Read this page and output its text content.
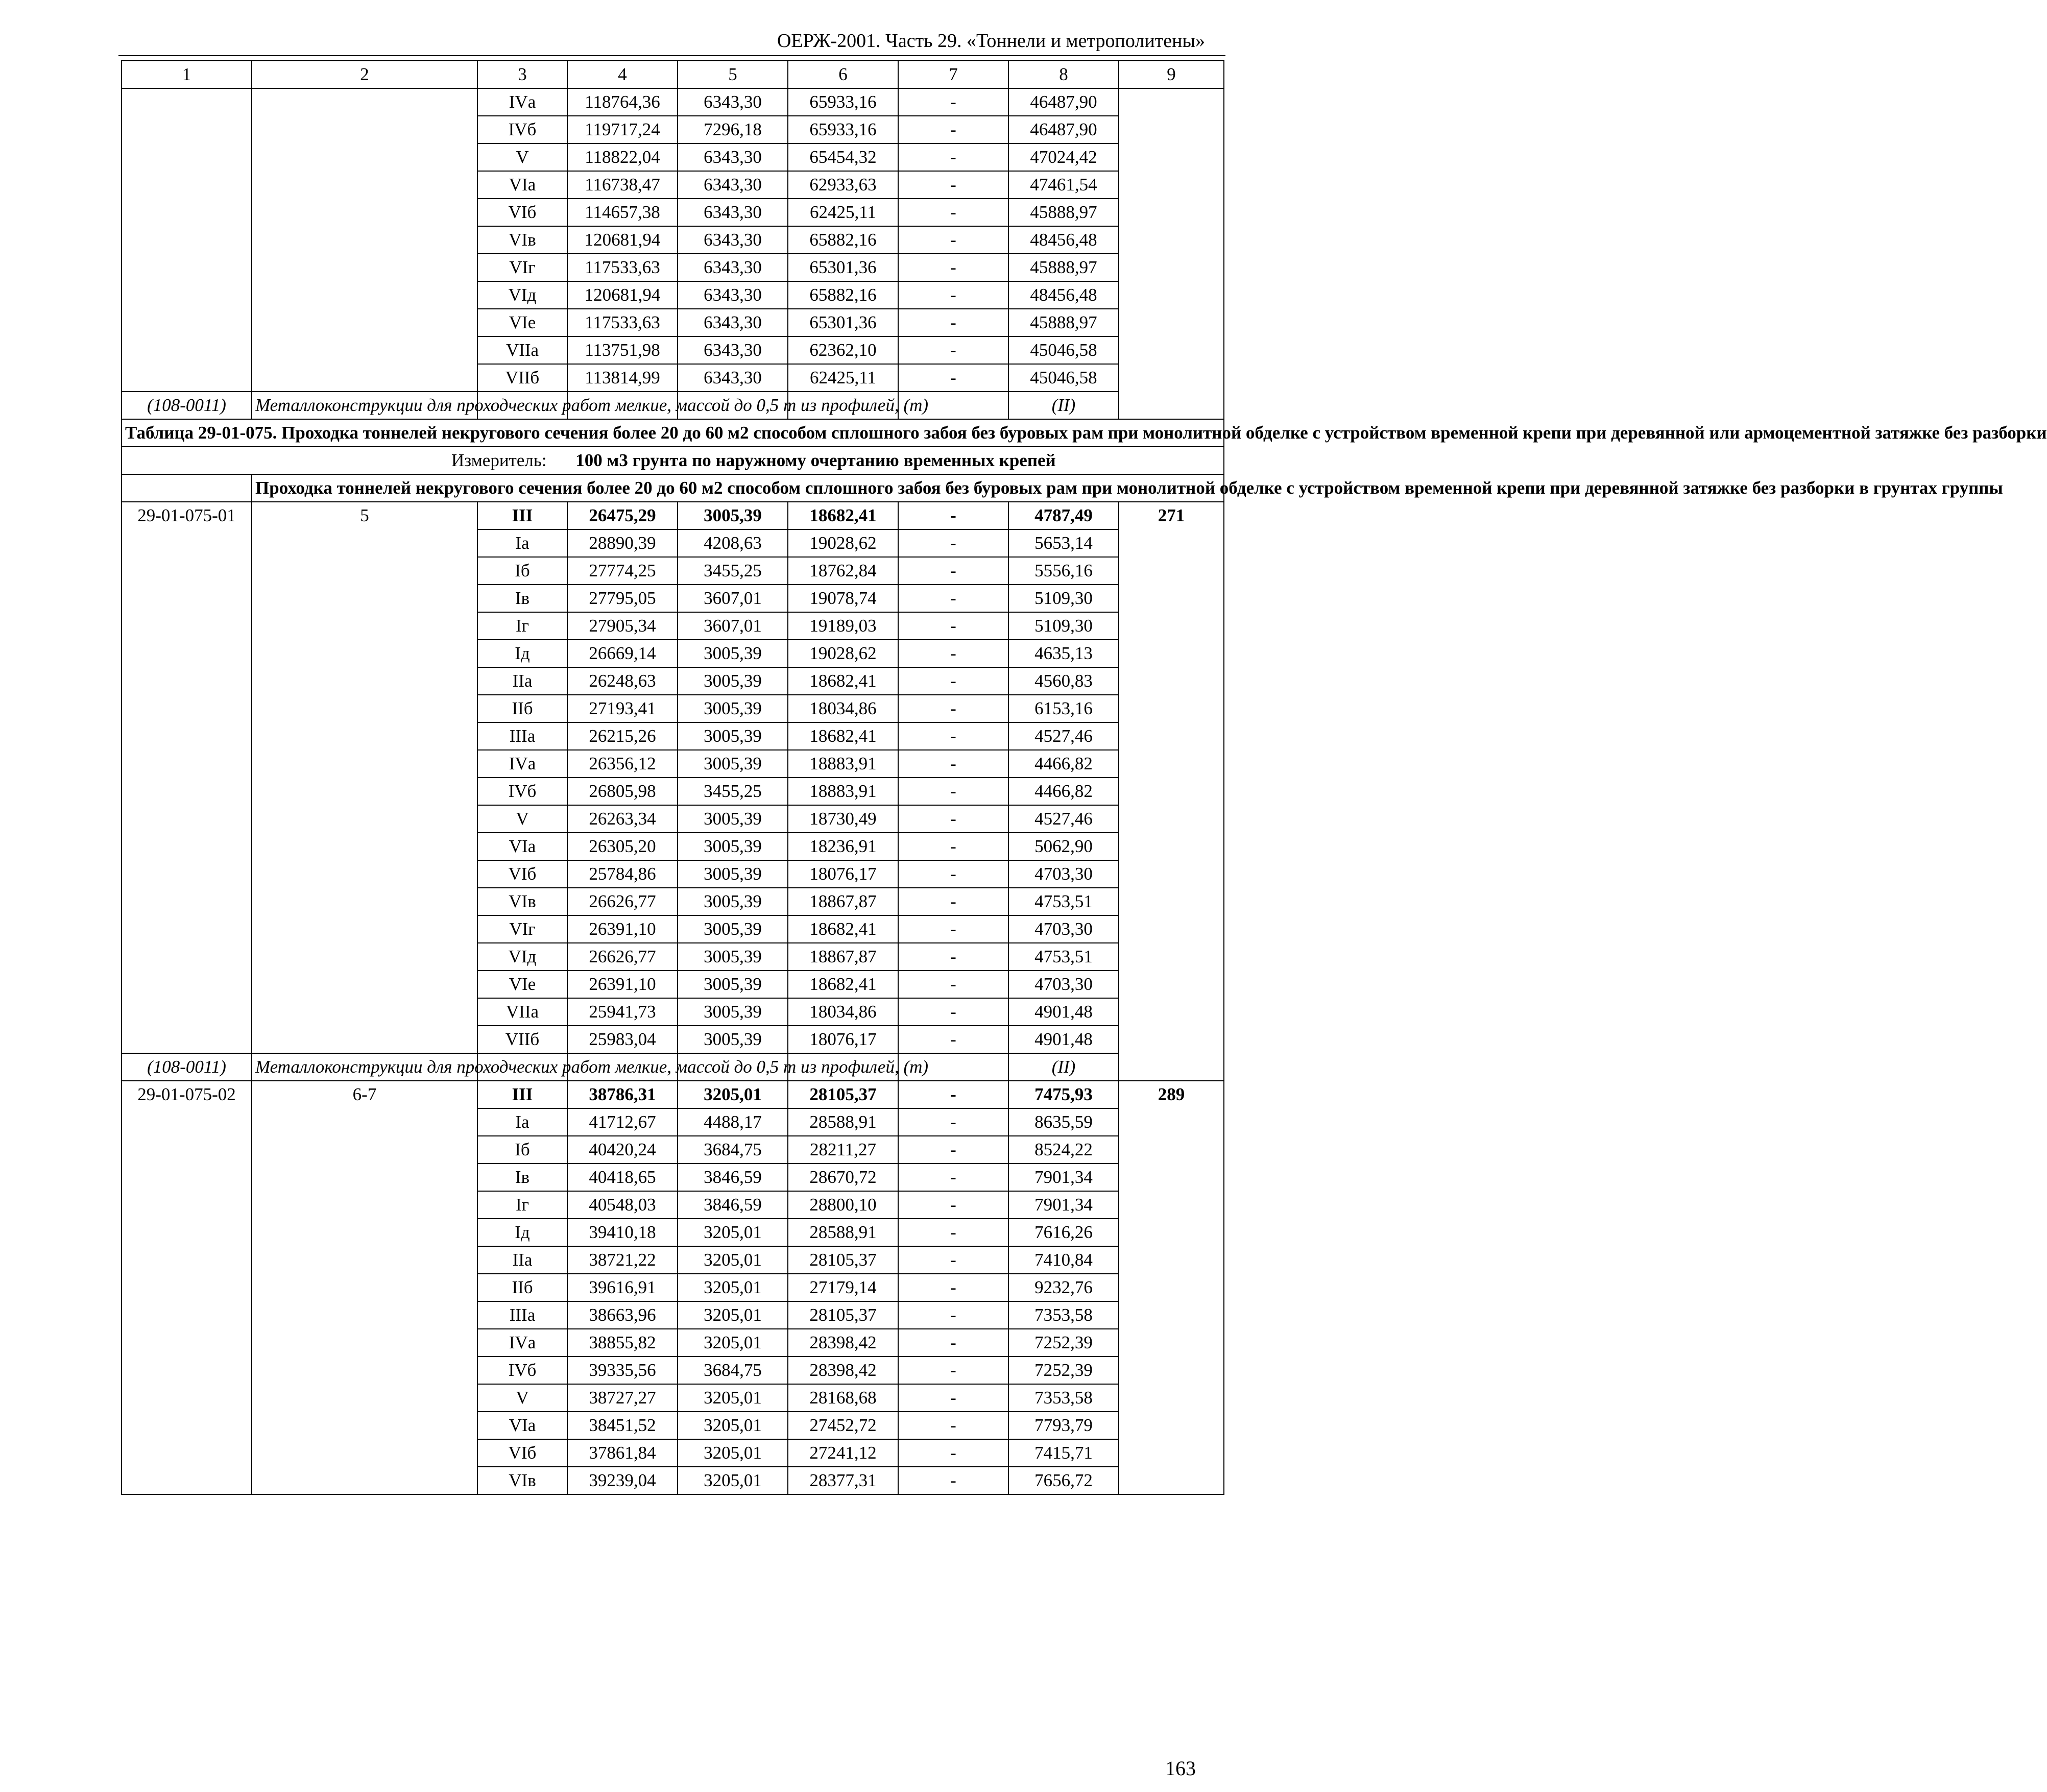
ОЕРЖ-2001. Часть 29. «Тоннели и метрополитены»
1	2	3	4	5	6	7	8	9
		IVа	118764,36	6343,30	65933,16	-	46487,90	
		IVб	119717,24	7296,18	65933,16	-	46487,90	
		V	118822,04	6343,30	65454,32	-	47024,42	
		VIа	116738,47	6343,30	62933,63	-	47461,54	
		VIб	114657,38	6343,30	62425,11	-	45888,97	
		VIв	120681,94	6343,30	65882,16	-	48456,48	
		VIг	117533,63	6343,30	65301,36	-	45888,97	
		VIд	120681,94	6343,30	65882,16	-	48456,48	
		VIе	117533,63	6343,30	65301,36	-	45888,97	
		VIIа	113751,98	6343,30	62362,10	-	45046,58	
		VIIб	113814,99	6343,30	62425,11	-	45046,58	
(108-0011)	Металлоконструкции для проходческих работ мелкие, массой до 0,5 т из профилей, (т)						(II)	
Таблица 29-01-075. Проходка тоннелей некругового сечения более 20 до 60 м2 способом сплошного забоя без буровых рам при монолитной обделке с устройством временной крепи при деревянной или армоцементной затяжке без разборки								
Измеритель: 100 м3 грунта по наружному очертанию временных крепей								
	Проходка тоннелей некругового сечения более 20 до 60 м2 способом сплошного забоя без буровых рам при монолитной обделке с устройством временной крепи при деревянной затяжке без разборки в грунтах группы							
29-01-075-01	5	III	26475,29	3005,39	18682,41	-	4787,49	271
		Iа	28890,39	4208,63	19028,62	-	5653,14	
		Iб	27774,25	3455,25	18762,84	-	5556,16	
		Iв	27795,05	3607,01	19078,74	-	5109,30	
		Iг	27905,34	3607,01	19189,03	-	5109,30	
		Iд	26669,14	3005,39	19028,62	-	4635,13	
		IIа	26248,63	3005,39	18682,41	-	4560,83	
		IIб	27193,41	3005,39	18034,86	-	6153,16	
		IIIа	26215,26	3005,39	18682,41	-	4527,46	
		IVа	26356,12	3005,39	18883,91	-	4466,82	
		IVб	26805,98	3455,25	18883,91	-	4466,82	
		V	26263,34	3005,39	18730,49	-	4527,46	
		VIа	26305,20	3005,39	18236,91	-	5062,90	
		VIб	25784,86	3005,39	18076,17	-	4703,30	
		VIв	26626,77	3005,39	18867,87	-	4753,51	
		VIг	26391,10	3005,39	18682,41	-	4703,30	
		VIд	26626,77	3005,39	18867,87	-	4753,51	
		VIе	26391,10	3005,39	18682,41	-	4703,30	
		VIIа	25941,73	3005,39	18034,86	-	4901,48	
		VIIб	25983,04	3005,39	18076,17	-	4901,48	
(108-0011)	Металлоконструкции для проходческих работ мелкие, массой до 0,5 т из профилей, (т)						(II)	
29-01-075-02	6-7	III	38786,31	3205,01	28105,37	-	7475,93	289
		Iа	41712,67	4488,17	28588,91	-	8635,59	
		Iб	40420,24	3684,75	28211,27	-	8524,22	
		Iв	40418,65	3846,59	28670,72	-	7901,34	
		Iг	40548,03	3846,59	28800,10	-	7901,34	
		Iд	39410,18	3205,01	28588,91	-	7616,26	
		IIа	38721,22	3205,01	28105,37	-	7410,84	
		IIб	39616,91	3205,01	27179,14	-	9232,76	
		IIIа	38663,96	3205,01	28105,37	-	7353,58	
		IVа	38855,82	3205,01	28398,42	-	7252,39	
		IVб	39335,56	3684,75	28398,42	-	7252,39	
		V	38727,27	3205,01	28168,68	-	7353,58	
		VIа	38451,52	3205,01	27452,72	-	7793,79	
		VIб	37861,84	3205,01	27241,12	-	7415,71	
		VIв	39239,04	3205,01	28377,31	-	7656,72	
163
